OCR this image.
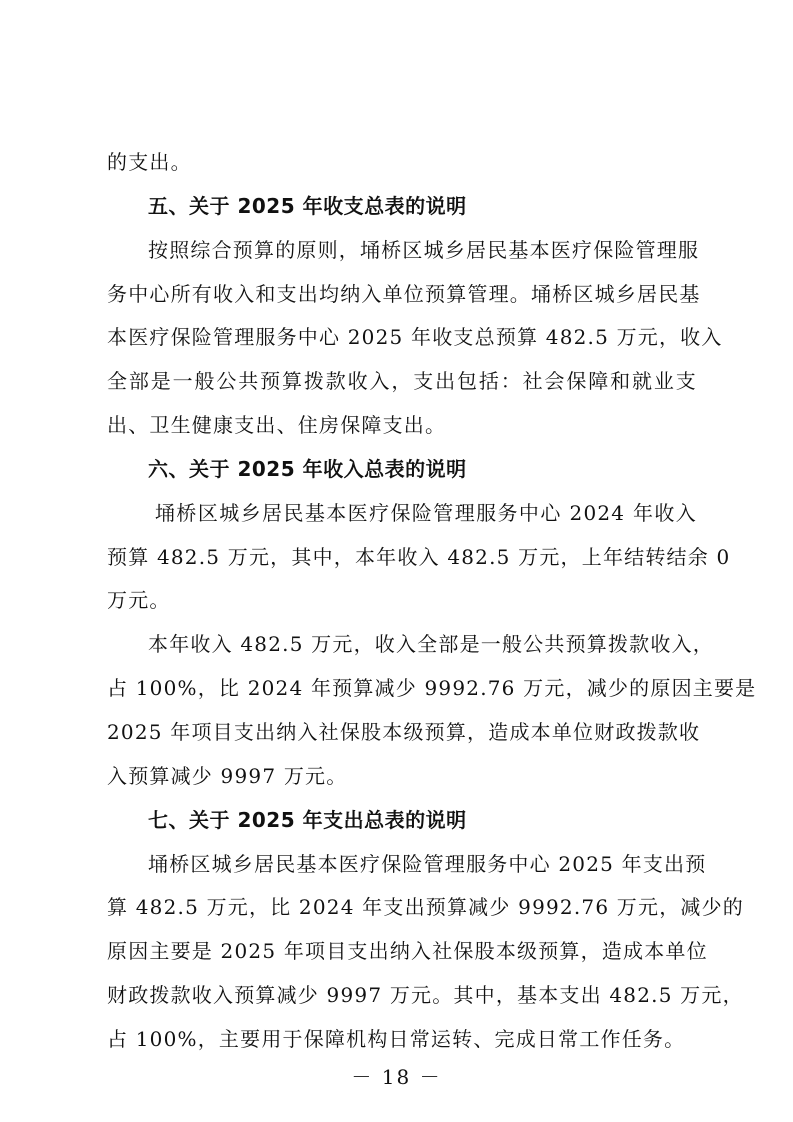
的支出。
五、关于 2025 年收支总表的说明
按照综合预算的原则，埇桥区城乡居民基本医疗保险管理服
务中心所有收入和支出均纳入单位预算管理。埇桥区城乡居民基
本医疗保险管理服务中心 2025 年收支总预算 482.5 万元，收入
全部是一般公共预算拨款收入，支出包括：社会保障和就业支
出、卫生健康支出、住房保障支出。
六、关于 2025 年收入总表的说明
埇桥区城乡居民基本医疗保险管理服务中心 2024 年收入
预算 482.5 万元，其中，本年收入 482.5 万元，上年结转结余 0
万元。
本年收入 482.5 万元，收入全部是一般公共预算拨款收入，
占 100%，比 2024 年预算减少 9992.76 万元，减少的原因主要是
2025 年项目支出纳入社保股本级预算，造成本单位财政拨款收
入预算减少 9997 万元。
七、关于 2025 年支出总表的说明
埇桥区城乡居民基本医疗保险管理服务中心 2025 年支出预
算 482.5 万元，比 2024 年支出预算减少 9992.76 万元，减少的
原因主要是 2025 年项目支出纳入社保股本级预算，造成本单位
财政拨款收入预算减少 9997 万元。其中，基本支出 482.5 万元，
占 100%，主要用于保障机构日常运转、完成日常工作任务。
－ 18 －
